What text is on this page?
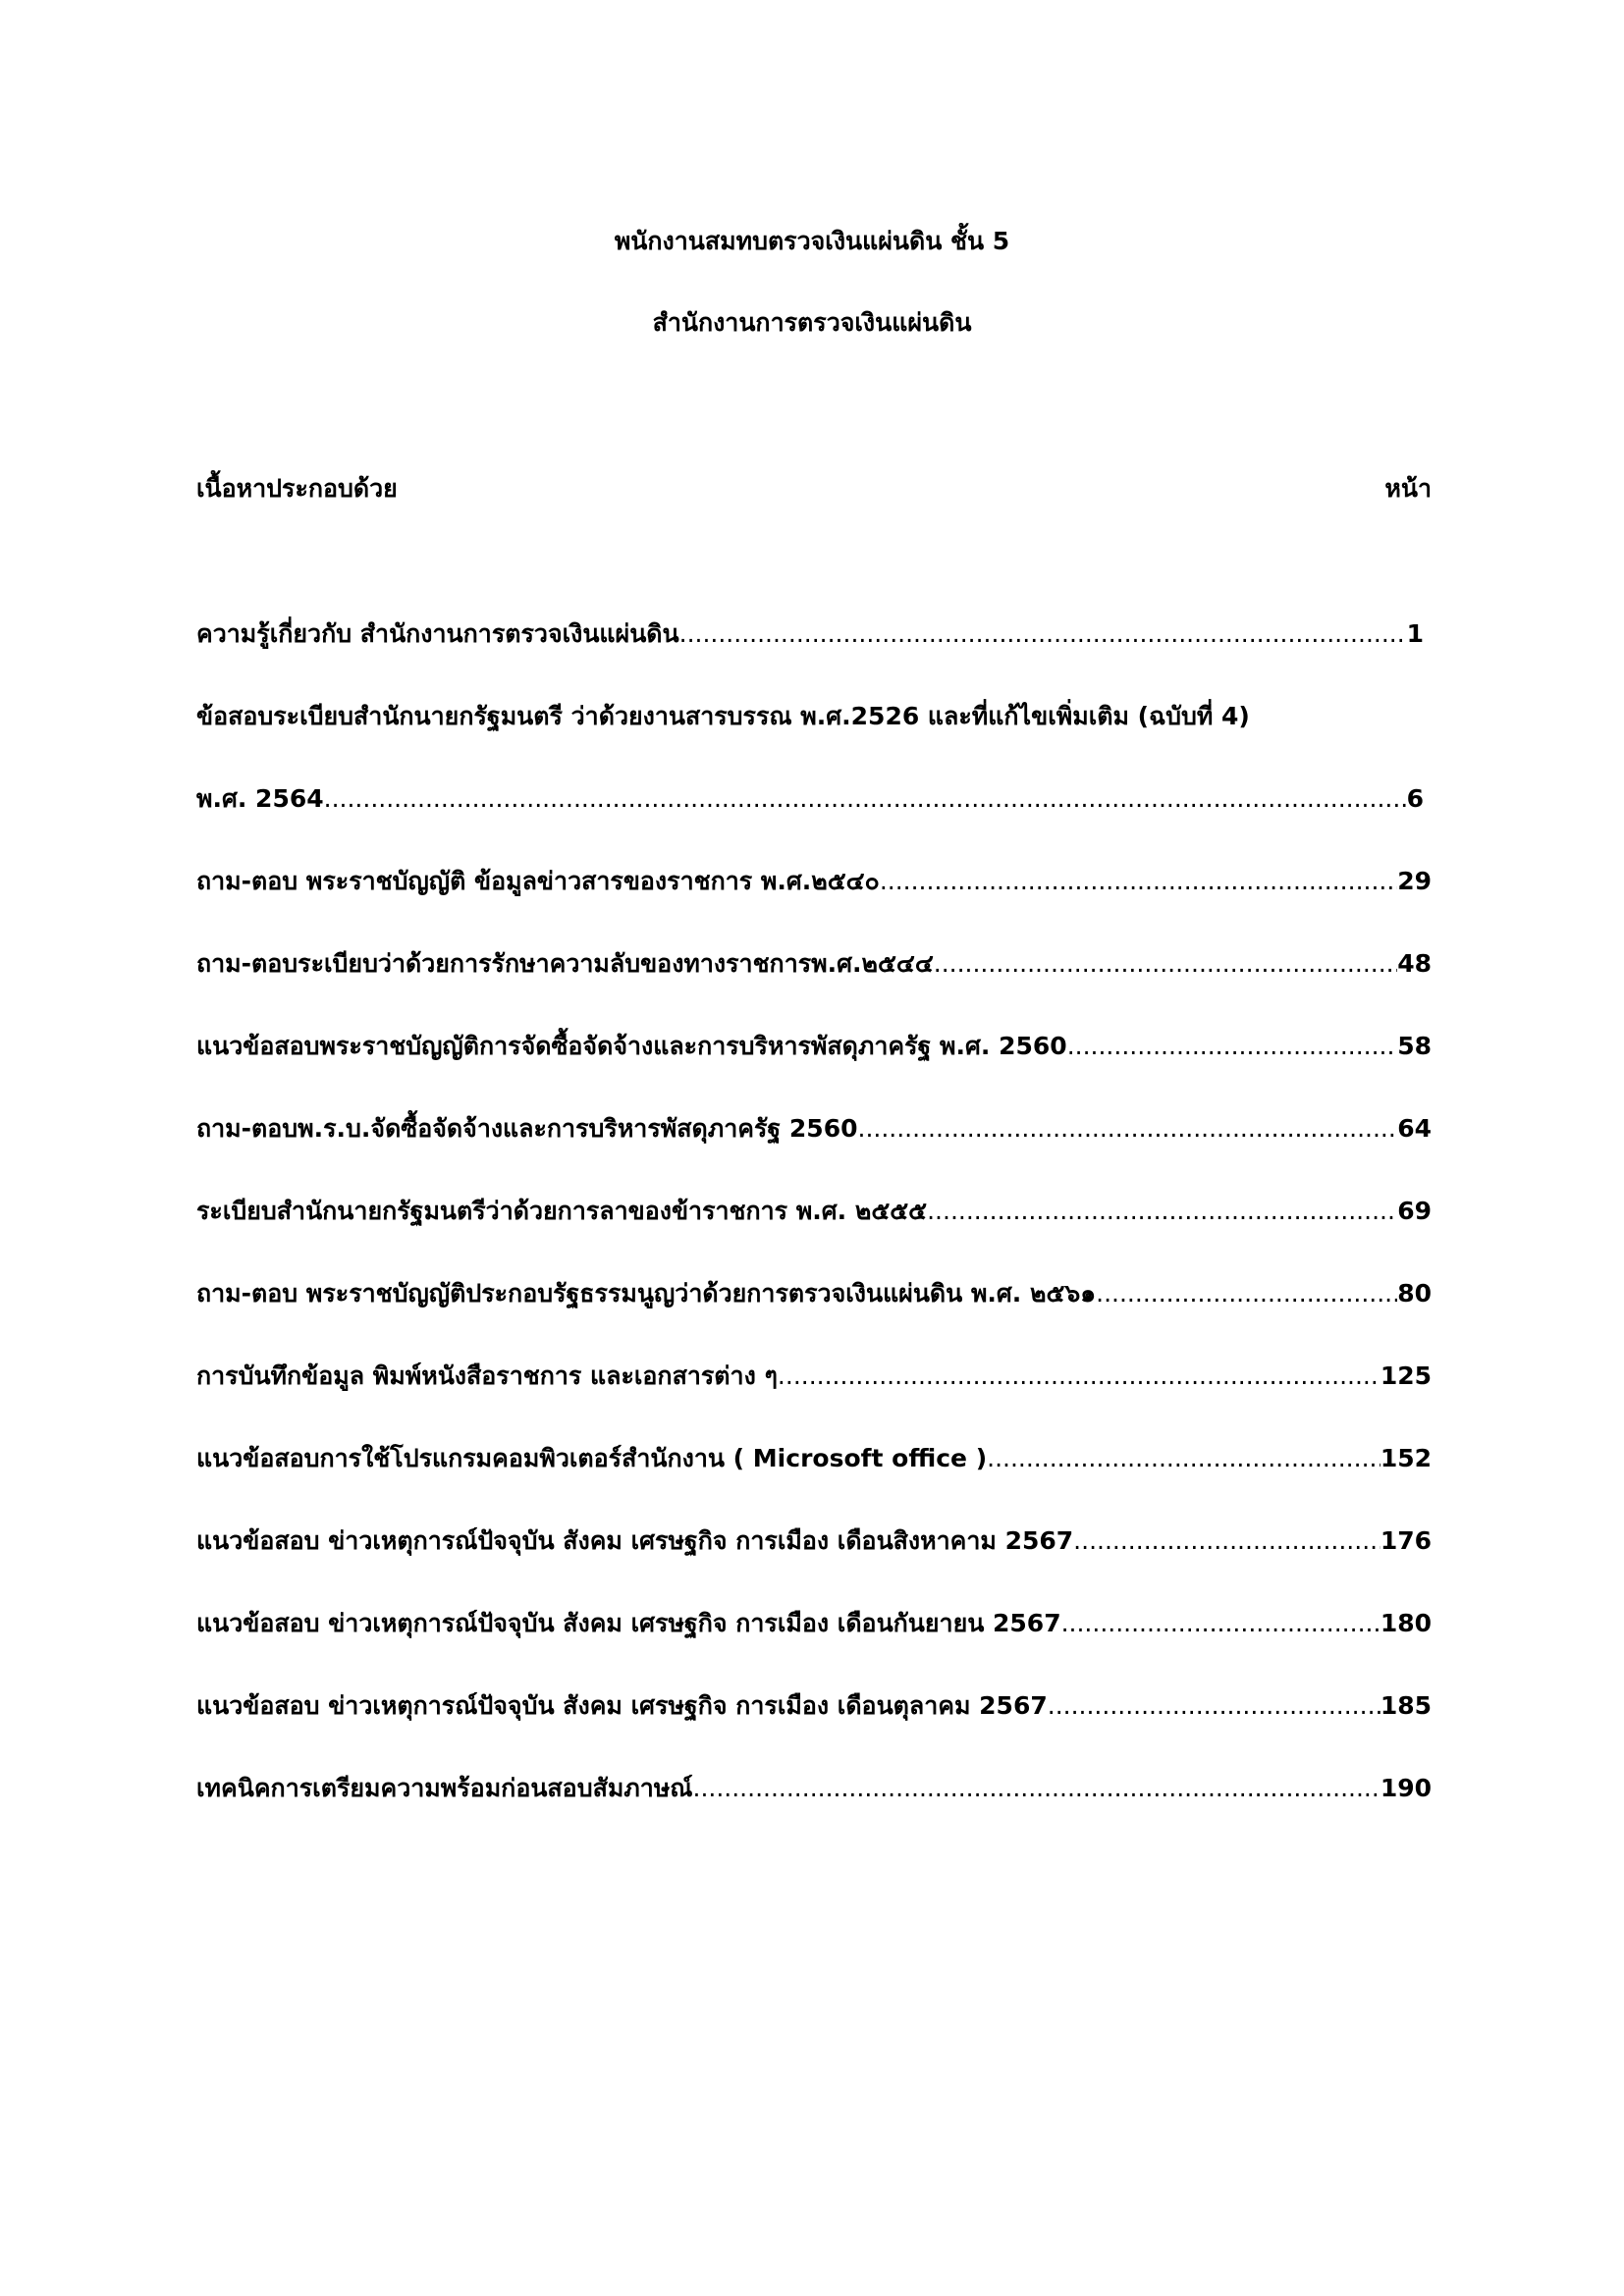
พนักงานสมทบตรวจเงินแผ่นดิน ชั้น 5
สำนักงานการตรวจเงินแผ่นดิน
เนื้อหาประกอบด้วย	หน้า
ความรู้เกี่ยวกับ สำนักงานการตรวจเงินแผ่นดิน .....	1
ข้อสอบระเบียบสำนักนายกรัฐมนตรี ว่าด้วยงานสารบรรณ พ.ศ.2526 และที่แก้ไขเพิ่มเติม (ฉบับที่ 4)
พ.ศ. 2564 .....	6
ถาม-ตอบ พระราชบัญญัติ ข้อมูลข่าวสารของราชการ พ.ศ.๒๕๔๐ .....	29
ถาม-ตอบระเบียบว่าด้วยการรักษาความลับของทางราชการพ.ศ.๒๕๔๔ .....	48
แนวข้อสอบพระราชบัญญัติการจัดซื้อจัดจ้างและการบริหารพัสดุภาครัฐ พ.ศ. 2560 .....	58
ถาม-ตอบพ.ร.บ.จัดซื้อจัดจ้างและการบริหารพัสดุภาครัฐ 2560 .....	64
ระเบียบสำนักนายกรัฐมนตรีว่าด้วยการลาของข้าราชการ พ.ศ. ๒๕๕๕ .....	69
ถาม-ตอบ พระราชบัญญัติประกอบรัฐธรรมนูญว่าด้วยการตรวจเงินแผ่นดิน พ.ศ. ๒๕๖๑ .....	80
การบันทึกข้อมูล พิมพ์หนังสือราชการ และเอกสารต่าง ๆ .....	125
แนวข้อสอบการใช้โปรแกรมคอมพิวเตอร์สำนักงาน ( Microsoft office ) .....	152
แนวข้อสอบ ข่าวเหตุการณ์ปัจจุบัน สังคม เศรษฐกิจ การเมือง เดือนสิงหาคาม 2567 .....	176
แนวข้อสอบ ข่าวเหตุการณ์ปัจจุบัน สังคม เศรษฐกิจ การเมือง เดือนกันยายน 2567 .....	180
แนวข้อสอบ ข่าวเหตุการณ์ปัจจุบัน สังคม เศรษฐกิจ การเมือง เดือนตุลาคม 2567 .....	185
เทคนิคการเตรียมความพร้อมก่อนสอบสัมภาษณ์ .....	190
